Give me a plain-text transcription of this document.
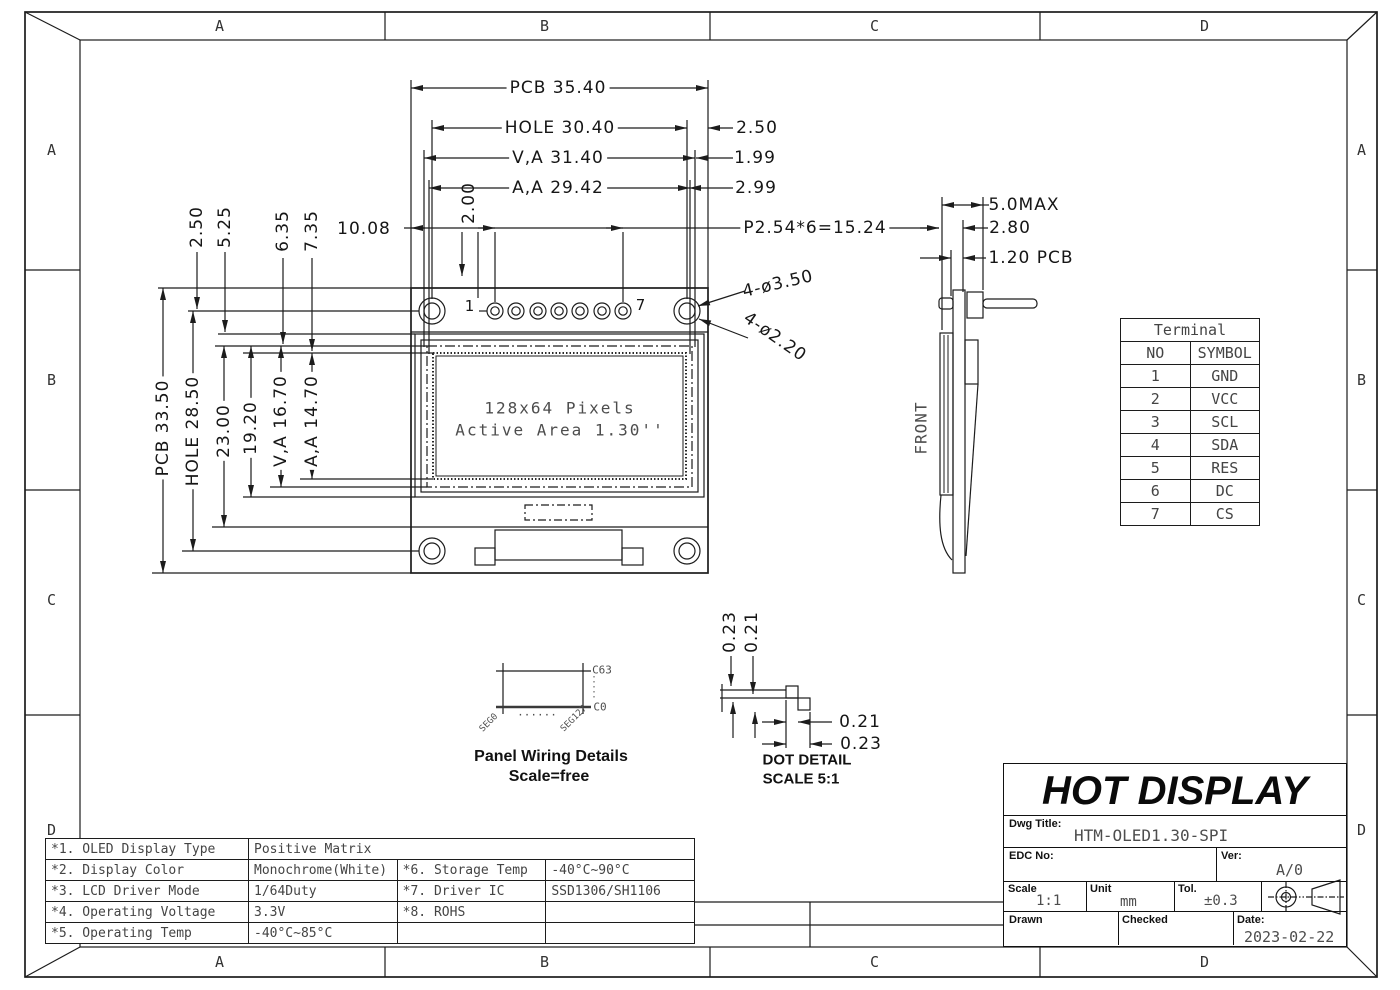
PCB 35.40
HOLE 30.40
V,A 31.40
A,A 29.42
2.50
1.99
2.99
P2.54*6=15.24
10.08
2.00
2.50 5.25 6.35 7.35
PCB 33.50 HOLE 28.50 23.00 19.20 V,A 16.70 A,A 14.70
4-ø3.50
4-ø2.20
5.0MAX
2.80
1.20 PCB
FRONT
1	7
128x64 Pixels
Active Area 1.30''
C63
C0
......
SEG0	SEG127
Panel Wiring Details
Scale=free
0.23 0.21
0.21
0.23
DOT DETAIL
SCALE 5:1
A	B	C	D
A	B	C	D
A
B
C
D
A
B
C
D
Terminal	
NO	SYMBOL
1	GND
2	VCC
3	SCL
4	SDA
5	RES
6	DC
7	CS
*1. OLED Display Type	Positive Matrix		
*2. Display Color	Monochrome(White)	*6. Storage Temp	-40°C~90°C
*3. LCD Driver Mode	1/64Duty	*7. Driver IC	SSD1306/SH1106
*4. Operating Voltage	3.3V	*8. ROHS	
*5. Operating Temp	-40°C~85°C		
HOT DISPLAY
Dwg Title:
HTM-OLED1.30-SPI
EDC No:	Ver:
A/0
Scale
1:1
Unit
mm
Tol.
±0.3
Drawn	Checked	Date:
2023-02-22
